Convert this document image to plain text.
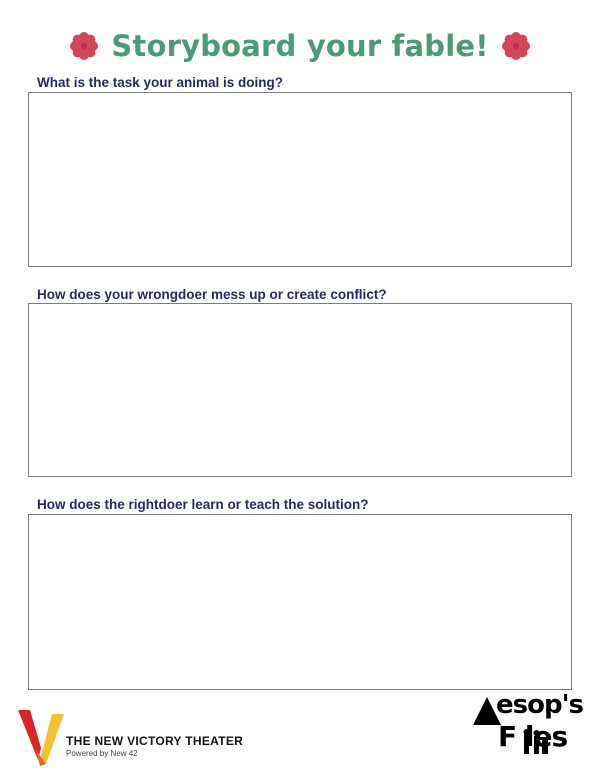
Storyboard your fable!
What is the task your animal is doing?
How does your wrongdoer mess up or create conflict?
How does the rightdoer learn or teach the solution?
THE NEW VICTORY THEATER
Powered by New 42
esop's
F les
